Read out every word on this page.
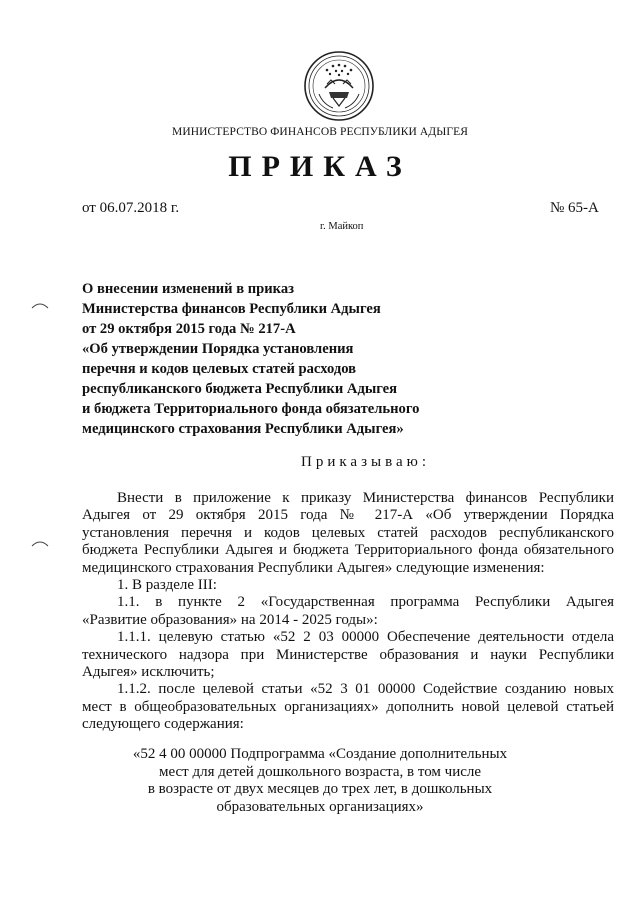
МИНИСТЕРСТВО ФИНАНСОВ РЕСПУБЛИКИ АДЫГЕЯ
ПРИКАЗ
от 06.07.2018 г.	№ 65-А
г. Майкоп
О внесении изменений в приказ
Министерства финансов Республики Адыгея
от 29 октября 2015 года № 217-А
«Об утверждении Порядка установления
перечня и кодов целевых статей расходов
республиканского бюджета Республики Адыгея
и бюджета Территориального фонда обязательного
медицинского страхования Республики Адыгея»
Приказываю:
Внести в приложение к приказу Министерства финансов Республики
Адыгея от 29 октября 2015 года № 217-А «Об утверждении Порядка
установления перечня и кодов целевых статей расходов республиканского
бюджета Республики Адыгея и бюджета Территориального фонда обязательного
медицинского страхования Республики Адыгея» следующие изменения:
1. В разделе III:
1.1. в пункте 2 «Государственная программа Республики Адыгея
«Развитие образования» на 2014 - 2025 годы»:
1.1.1. целевую статью «52 2 03 00000 Обеспечение деятельности отдела
технического надзора при Министерстве образования и науки Республики
Адыгея» исключить;
1.1.2. после целевой статьи «52 3 01 00000 Содействие созданию новых
мест в общеобразовательных организациях» дополнить новой целевой статьей
следующего содержания:
«52 4 00 00000 Подпрограмма «Создание дополнительных
мест для детей дошкольного возраста, в том числе
в возрасте от двух месяцев до трех лет, в дошкольных
образовательных организациях»
